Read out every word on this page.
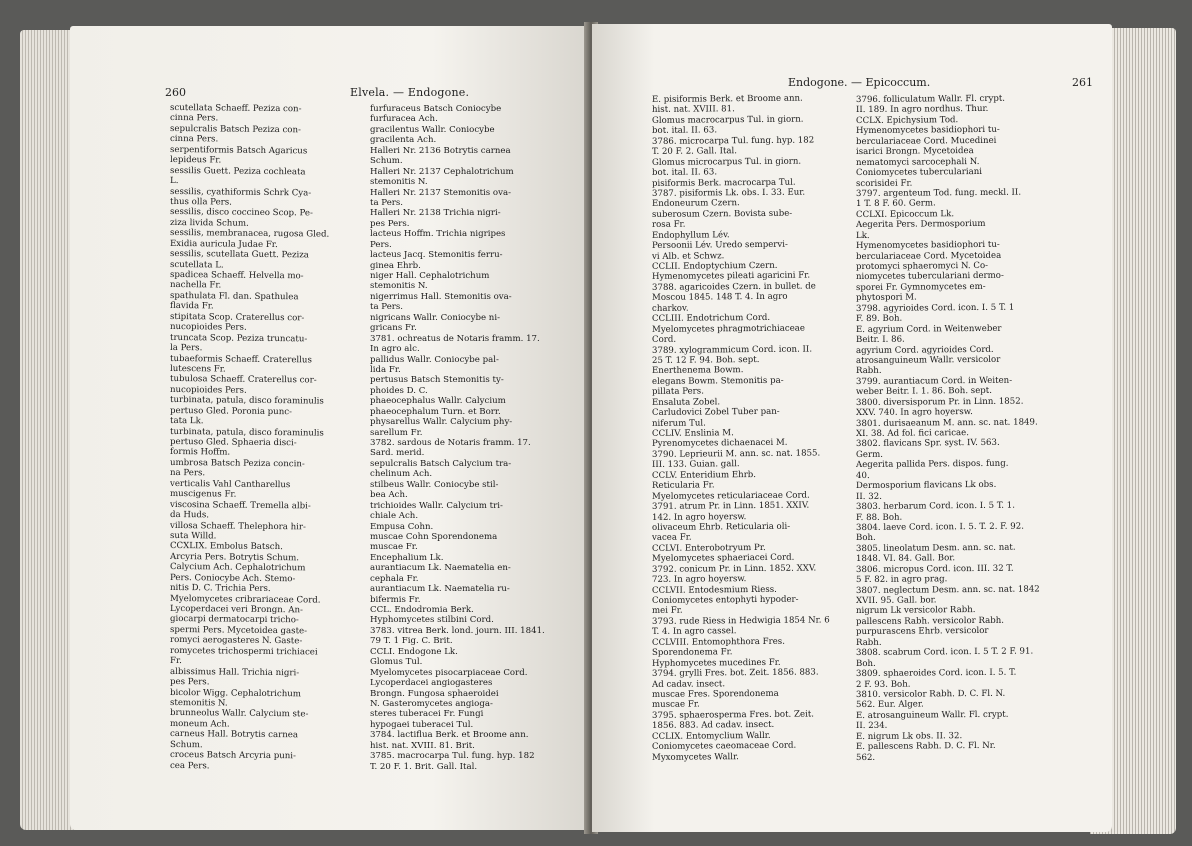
260	Elvela. — Endogone.
scutellata Schaeff. Peziza con-
cinna Pers.
sepulcralis Batsch Peziza con-
cinna Pers.
serpentiformis Batsch Agaricus
lepideus Fr.
sessilis Guett. Peziza cochleata
L.
sessilis, cyathiformis Schrk Cya-
thus olla Pers.
sessilis, disco coccineo Scop. Pe-
ziza livida Schum.
sessilis, membranacea, rugosa Gled.
Exidia auricula Judae Fr.
sessilis, scutellata Guett. Peziza
scutellata L.
spadicea Schaeff. Helvella mo-
nachella Fr.
spathulata Fl. dan. Spathulea
flavida Fr.
stipitata Scop. Craterellus cor-
nucopioides Pers.
truncata Scop. Peziza truncatu-
la Pers.
tubaeformis Schaeff. Craterellus
lutescens Fr.
tubulosa Schaeff. Craterellus cor-
nucopioides Pers.
turbinata, patula, disco foraminulis
pertuso Gled. Poronia punc-
tata Lk.
turbinata, patula, disco foraminulis
pertuso Gled. Sphaeria disci-
formis Hoffm.
umbrosa Batsch Peziza concin-
na Pers.
verticalis Vahl Cantharellus
muscigenus Fr.
viscosina Schaeff. Tremella albi-
da Huds.
villosa Schaeff. Thelephora hir-
suta Willd.
CCXLIX. Embolus Batsch.
Arcyria Pers. Botrytis Schum.
Calycium Ach. Cephalotrichum
Pers. Coniocybe Ach. Stemo-
nitis D. C. Trichia Pers.
Myelomycetes cribrariaceae Cord.
Lycoperdacei veri Brongn. An-
giocarpi dermatocarpi tricho-
spermi Pers. Mycetoidea gaste-
romyci aerogasteres N. Gaste-
romycetes trichospermi trichiacei
Fr.
albissimus Hall. Trichia nigri-
pes Pers.
bicolor Wigg. Cephalotrichum
stemonitis N.
brunneolus Wallr. Calycium ste-
moneum Ach.
carneus Hall. Botrytis carnea
Schum.
croceus Batsch Arcyria puni-
cea Pers.
furfuraceus Batsch Coniocybe
furfuracea Ach.
gracilentus Wallr. Coniocybe
gracilenta Ach.
Halleri Nr. 2136 Botrytis carnea
Schum.
Halleri Nr. 2137 Cephalotrichum
stemonitis N.
Halleri Nr. 2137 Stemonitis ova-
ta Pers.
Halleri Nr. 2138 Trichia nigri-
pes Pers.
lacteus Hoffm. Trichia nigripes
Pers.
lacteus Jacq. Stemonitis ferru-
ginea Ehrb.
niger Hall. Cephalotrichum
stemonitis N.
nigerrimus Hall. Stemonitis ova-
ta Pers.
nigricans Wallr. Coniocybe ni-
gricans Fr.
3781. ochreatus de Notaris framm. 17.
In agro alc.
pallidus Wallr. Coniocybe pal-
lida Fr.
pertusus Batsch Stemonitis ty-
phoides D. C.
phaeocephalus Wallr. Calycium
phaeocephalum Turn. et Borr.
physarellus Wallr. Calycium phy-
sarellum Fr.
3782. sardous de Notaris framm. 17.
Sard. merid.
sepulcralis Batsch Calycium tra-
chelinum Ach.
stilbeus Wallr. Coniocybe stil-
bea Ach.
trichioides Wallr. Calycium tri-
chiale Ach.
Empusa Cohn.
muscae Cohn Sporendonema
muscae Fr.
Encephalium Lk.
aurantiacum Lk. Naematelia en-
cephala Fr.
aurantiacum Lk. Naematelia ru-
bifermis Fr.
CCL. Endodromia Berk.
Hyphomycetes stilbini Cord.
3783. vitrea Berk. lond. journ. III. 1841.
79 T. 1 Fig. C. Brit.
CCLI. Endogone Lk.
Glomus Tul.
Myelomycetes pisocarpiaceae Cord.
Lycoperdacei angiogasteres
Brongn. Fungosa sphaeroidei
N. Gasteromycetes angioga-
steres tuberacei Fr. Fungi
hypogaei tuberacei Tul.
3784. lactiflua Berk. et Broome ann.
hist. nat. XVIII. 81. Brit.
3785. macrocarpa Tul. fung. hyp. 182
T. 20 F. 1. Brit. Gall. Ital.
Endogone. — Epicoccum.	261
E. pisiformis Berk. et Broome ann.
hist. nat. XVIII. 81.
Glomus macrocarpus Tul. in giorn.
bot. ital. II. 63.
3786. microcarpa Tul. fung. hyp. 182
T. 20 F. 2. Gall. Ital.
Glomus microcarpus Tul. in giorn.
bot. ital. II. 63.
pisiformis Berk. macrocarpa Tul.
3787. pisiformis Lk. obs. I. 33. Eur.
Endoneurum Czern.
suberosum Czern. Bovista sube-
rosa Fr.
Endophyllum Lév.
Persoonii Lév. Uredo sempervi-
vi Alb. et Schwz.
CCLII. Endoptychium Czern.
Hymenomycetes pileati agaricini Fr.
3788. agaricoides Czern. in bullet. de
Moscou 1845. 148 T. 4. In agro
charkov.
CCLIII. Endotrichum Cord.
Myelomycetes phragmotrichiaceae
Cord.
3789. xylogrammicum Cord. icon. II.
25 T. 12 F. 94. Boh. sept.
Enerthenema Bowm.
elegans Bowm. Stemonitis pa-
pillata Pers.
Ensaluta Zobel.
Carludovici Zobel Tuber pan-
niferum Tul.
CCLIV. Enslinia M.
Pyrenomycetes dichaenacei M.
3790. Leprieurii M. ann. sc. nat. 1855.
III. 133. Guian. gall.
CCLV. Enteridium Ehrb.
Reticularia Fr.
Myelomycetes reticulariaceae Cord.
3791. atrum Pr. in Linn. 1851. XXIV.
142. In agro hoyersw.
olivaceum Ehrb. Reticularia oli-
vacea Fr.
CCLVI. Enterobotryum Pr.
Myelomycetes sphaeriacei Cord.
3792. conicum Pr. in Linn. 1852. XXV.
723. In agro hoyersw.
CCLVII. Entodesmium Riess.
Coniomycetes entophyti hypoder-
mei Fr.
3793. rude Riess in Hedwigia 1854 Nr. 6
T. 4. In agro cassel.
CCLVIII. Entomophthora Fres.
Sporendonema Fr.
Hyphomycetes mucedines Fr.
3794. grylli Fres. bot. Zeit. 1856. 883.
Ad cadav. insect.
muscae Fres. Sporendonema
muscae Fr.
3795. sphaerosperma Fres. bot. Zeit.
1856. 883. Ad cadav. insect.
CCLIX. Entomyclium Wallr.
Coniomycetes caeomaceae Cord.
Myxomycetes Wallr.
3796. folliculatum Wallr. Fl. crypt.
II. 189. In agro nordhus. Thur.
CCLX. Epichysium Tod.
Hymenomycetes basidiophori tu-
berculariaceae Cord. Mucedinei
isarici Brongn. Mycetoidea
nematomyci sarcocephali N.
Coniomycetes tuberculariani
scorisidei Fr.
3797. argenteum Tod. fung. meckl. II.
1 T. 8 F. 60. Germ.
CCLXI. Epicoccum Lk.
Aegerita Pers. Dermosporium
Lk.
Hymenomycetes basidiophori tu-
berculariaceae Cord. Mycetoidea
protomyci sphaeromyci N. Co-
niomycetes tuberculariani dermo-
sporei Fr. Gymnomycetes em-
phytospori M.
3798. agyrioides Cord. icon. I. 5 T. 1
F. 89. Boh.
E. agyrium Cord. in Weitenweber
Beitr. I. 86.
agyrium Cord. agyrioides Cord.
atrosanguineum Wallr. versicolor
Rabh.
3799. aurantiacum Cord. in Weiten-
weber Beitr. I. 1. 86. Boh. sept.
3800. diversisporum Pr. in Linn. 1852.
XXV. 740. In agro hoyersw.
3801. durisaeanum M. ann. sc. nat. 1849.
XI. 38. Ad fol. fici caricae.
3802. flavicans Spr. syst. IV. 563.
Germ.
Aegerita pallida Pers. dispos. fung.
40.
Dermosporium flavicans Lk obs.
II. 32.
3803. herbarum Cord. icon. I. 5 T. 1.
F. 88. Boh.
3804. laeve Cord. icon. I. 5. T. 2. F. 92.
Boh.
3805. lineolatum Desm. ann. sc. nat.
1848. VI. 84. Gall. Bor.
3806. micropus Cord. icon. III. 32 T.
5 F. 82. in agro prag.
3807. neglectum Desm. ann. sc. nat. 1842
XVII. 95. Gall. bor.
nigrum Lk versicolor Rabh.
pallescens Rabh. versicolor Rabh.
purpurascens Ehrb. versicolor
Rabh.
3808. scabrum Cord. icon. I. 5 T. 2 F. 91.
Boh.
3809. sphaeroides Cord. icon. I. 5. T.
2 F. 93. Boh.
3810. versicolor Rabh. D. C. Fl. N.
562. Eur. Alger.
E. atrosanguineum Wallr. Fl. crypt.
II. 234.
E. nigrum Lk obs. II. 32.
E. pallescens Rabh. D. C. Fl. Nr.
562.
